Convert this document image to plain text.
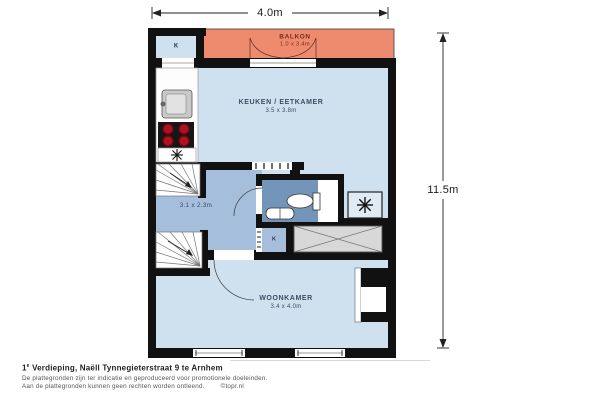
4.0m
11.5m
BALKON
1.0 x 3.4m
KEUKEN / EETKAMER
3.5 x 3.8m
3.1 x 2.3m
WOONKAMER
3.4 x 4.0m
K
K
1e Verdieping, Naëll Tynnegieterstraat 9 te Arnhem
De plattegronden zijn ter indicatie en geproduceerd voor promotionele doeleinden.
Aan de plattegronden kunnen geen rechten worden ontleend.	©topr.nl
